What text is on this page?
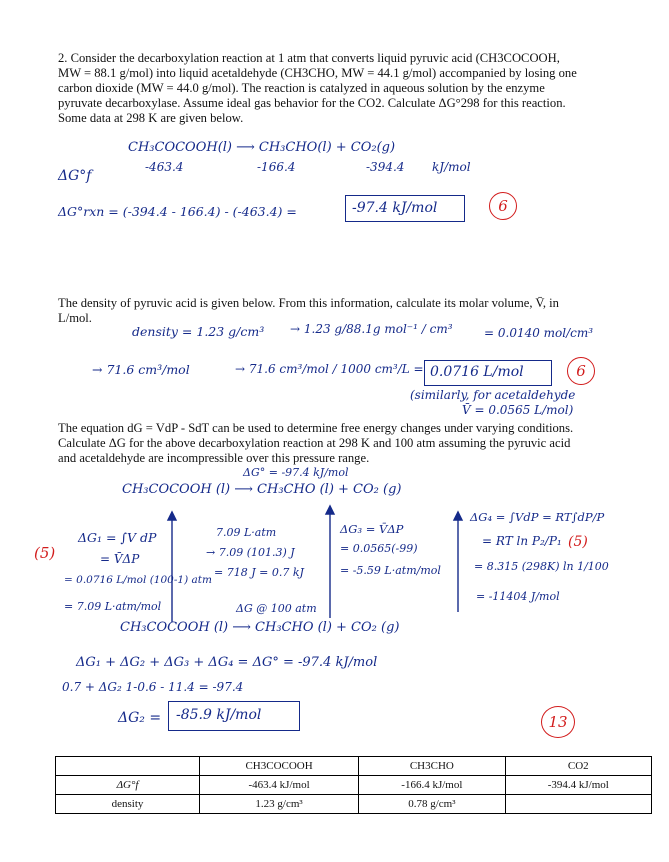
2. Consider the decarboxylation reaction at 1 atm that converts liquid pyruvic acid (CH3COCOOH,
MW = 88.1 g/mol) into liquid acetaldehyde (CH3CHO, MW = 44.1 g/mol) accompanied by losing one
carbon dioxide (MW = 44.0 g/mol). The reaction is catalyzed in aqueous solution by the enzyme
pyruvate decarboxylase. Assume ideal gas behavior for the CO2. Calculate ΔG°298 for this reaction.
Some data at 298 K are given below.
CH₃COCOOH(l) ⟶ CH₃CHO(l) + CO₂(g)
ΔG°f
-463.4	-166.4	-394.4 kJ/mol
ΔG°rxn = (-394.4 - 166.4) - (-463.4) =	-97.4 kJ/mol	6
The density of pyruvic acid is given below. From this information, calculate its molar volume, V̄, in
L/mol.
density = 1.23 g/cm³ → 1.23 g/88.1g mol⁻¹ / cm³	= 0.0140 mol/cm³
→ 71.6 cm³/mol	→ 71.6 cm³/mol / 1000 cm³/L = 0.0716 L/mol	6
(similarly, for acetaldehyde
V̄ = 0.0565 L/mol)
The equation dG = VdP - SdT can be used to determine free energy changes under varying conditions.
Calculate ΔG for the above decarboxylation reaction at 298 K and 100 atm assuming the pyruvic acid
and acetaldehyde are incompressible over this pressure range.
ΔG° = -97.4 kJ/mol
CH₃COCOOH (l) ⟶ CH₃CHO (l) + CO₂ (g)
(5)
ΔG₁ = ∫V dP
= V̄ΔP
= 0.0716 L/mol (100-1) atm
= 7.09 L·atm/mol
7.09 L·atm
→ 7.09 (101.3) J
= 718 J = 0.7 kJ
ΔG₃ = V̄ΔP
= 0.0565(-99)
= -5.59 L·atm/mol
ΔG₄ = ∫VdP = RT∫dP/P
= RT ln P₂/P₁ (5)
= 8.315 (298K) ln 1/100
= -11404 J/mol
ΔG @ 100 atm
CH₃COCOOH (l) ⟶ CH₃CHO (l) + CO₂ (g)
ΔG₁ + ΔG₂ + ΔG₃ + ΔG₄ = ΔG° = -97.4 kJ/mol
0.7 + ΔG₂ 1-0.6 - 11.4 = -97.4
ΔG₂ = -85.9 kJ/mol	13
	CH3COCOOH	CH3CHO	CO2
ΔG°f	-463.4 kJ/mol	-166.4 kJ/mol	-394.4 kJ/mol
density	1.23 g/cm³	0.78 g/cm³	
